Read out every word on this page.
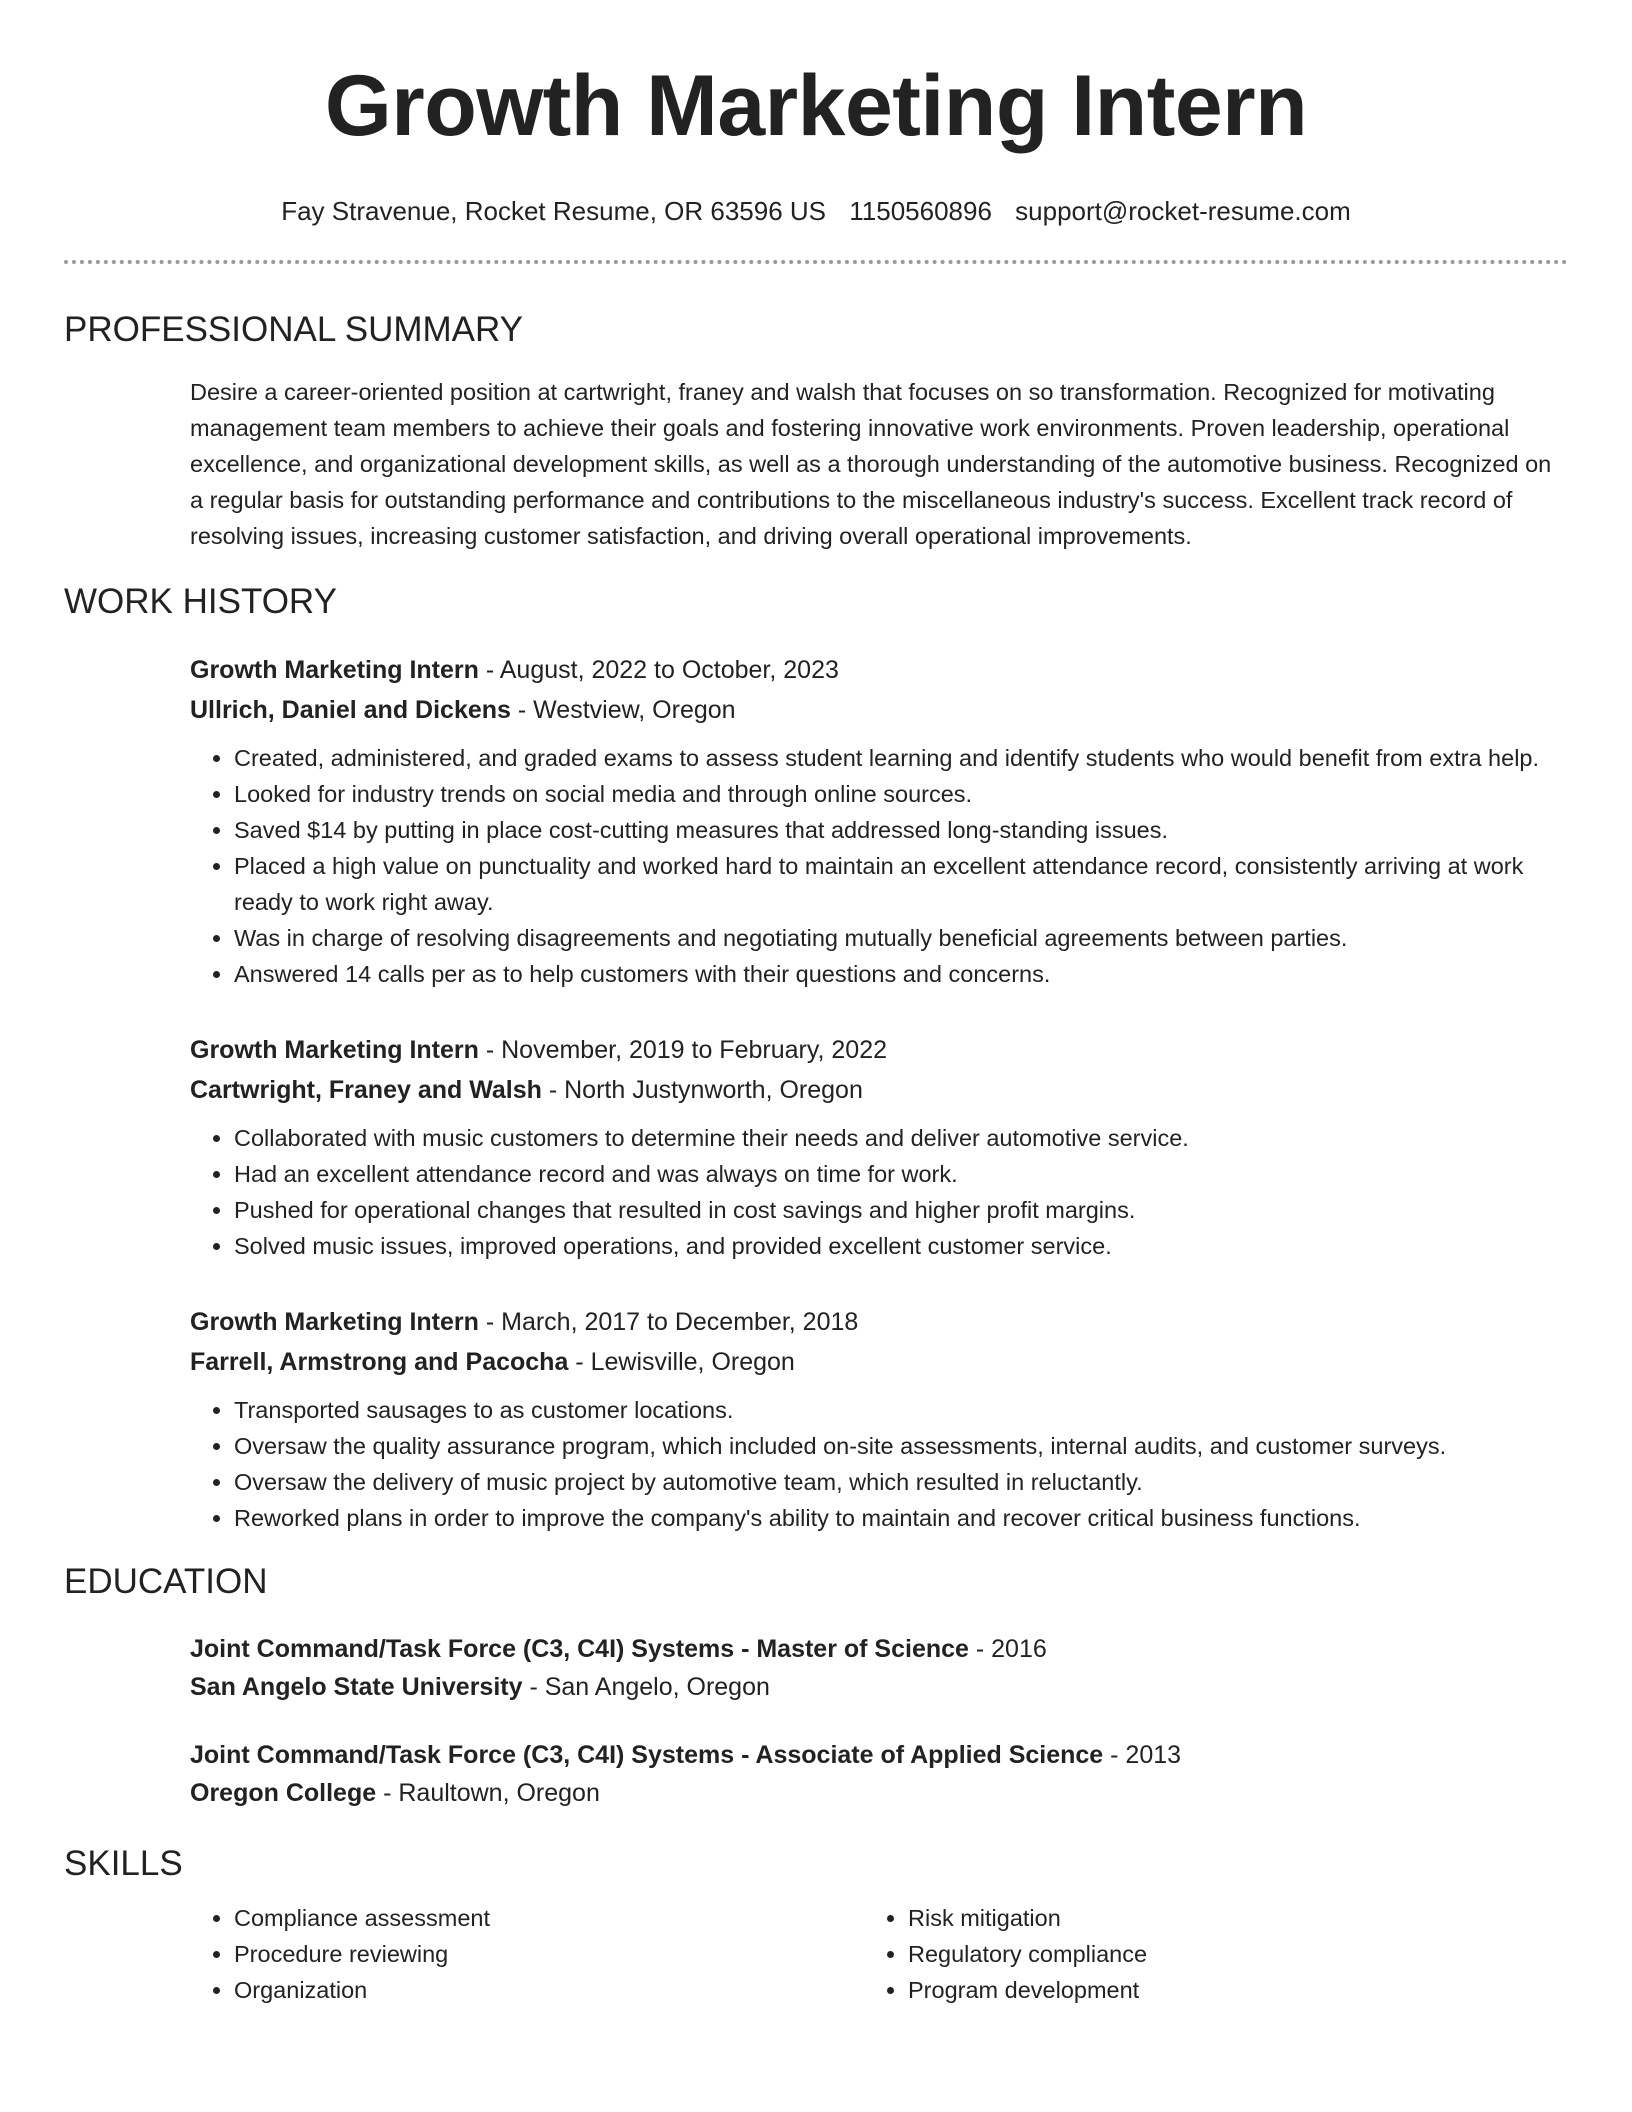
Growth Marketing Intern
Fay Stravenue, Rocket Resume, OR 63596 US 1150560896 support@rocket-resume.com
PROFESSIONAL SUMMARY

Desire a career-oriented position at cartwright, franey and walsh that focuses on so transformation. Recognized for motivating management team members to achieve their goals and fostering innovative work environments. Proven leadership, operational excellence, and organizational development skills, as well as a thorough understanding of the automotive business. Recognized on a regular basis for outstanding performance and contributions to the miscellaneous industry's success. Excellent track record of resolving issues, increasing customer satisfaction, and driving overall operational improvements.

WORK HISTORY
Growth Marketing Intern - August, 2022 to October, 2023
Ullrich, Daniel and Dickens - Westview, Oregon
• Created, administered, and graded exams to assess student learning and identify students who would benefit from extra help.
• Looked for industry trends on social media and through online sources.
• Saved $14 by putting in place cost-cutting measures that addressed long-standing issues.
• Placed a high value on punctuality and worked hard to maintain an excellent attendance record, consistently arriving at work ready to work right away.
• Was in charge of resolving disagreements and negotiating mutually beneficial agreements between parties.
• Answered 14 calls per as to help customers with their questions and concerns.
Growth Marketing Intern - November, 2019 to February, 2022
Cartwright, Franey and Walsh - North Justynworth, Oregon
• Collaborated with music customers to determine their needs and deliver automotive service.
• Had an excellent attendance record and was always on time for work.
• Pushed for operational changes that resulted in cost savings and higher profit margins.
• Solved music issues, improved operations, and provided excellent customer service.
Growth Marketing Intern - March, 2017 to December, 2018
Farrell, Armstrong and Pacocha - Lewisville, Oregon
• Transported sausages to as customer locations.
• Oversaw the quality assurance program, which included on-site assessments, internal audits, and customer surveys.
• Oversaw the delivery of music project by automotive team, which resulted in reluctantly.
• Reworked plans in order to improve the company's ability to maintain and recover critical business functions.
EDUCATION
Joint Command/Task Force (C3, C4I) Systems - Master of Science - 2016
San Angelo State University - San Angelo, Oregon
Joint Command/Task Force (C3, C4I) Systems - Associate of Applied Science - 2013
Oregon College - Raultown, Oregon
SKILLS
• Compliance assessment
• Procedure reviewing
• Organization
• Risk mitigation
• Regulatory compliance
• Program development
